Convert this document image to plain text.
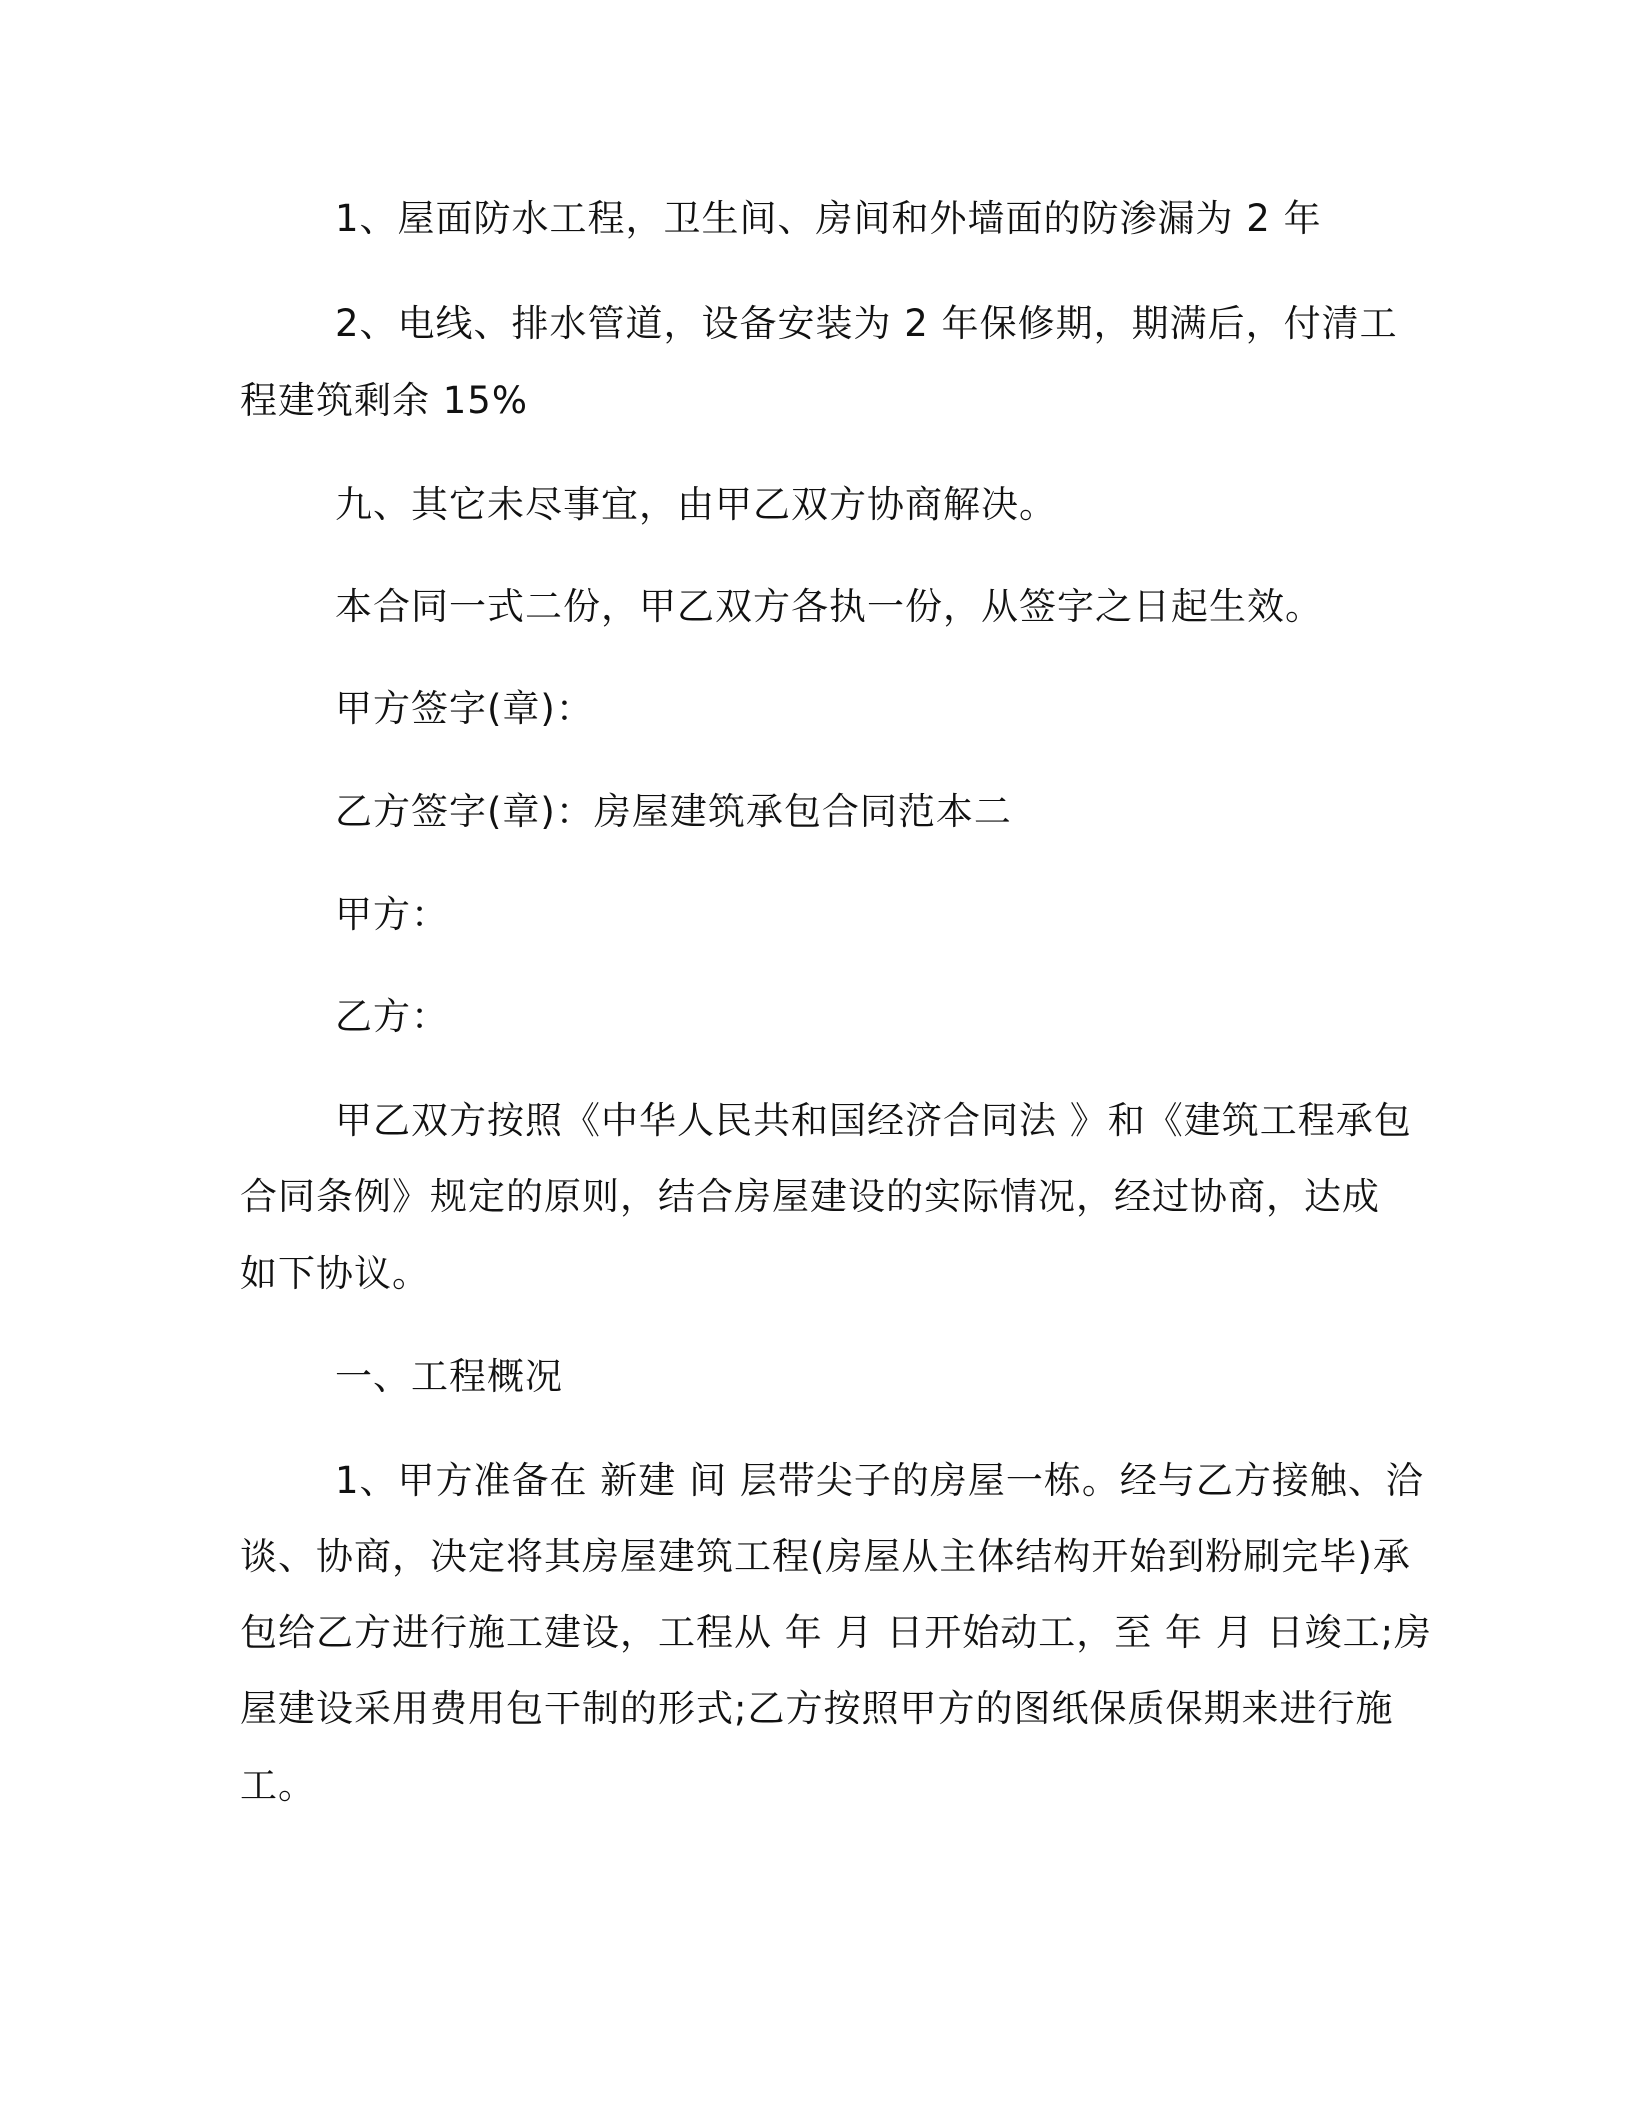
1、屋面防水工程，卫生间、房间和外墙面的防渗漏为 2 年
2、电线、排水管道，设备安装为 2 年保修期，期满后，付清工
程建筑剩余 15%
九、其它未尽事宜，由甲乙双方协商解决。
本合同一式二份，甲乙双方各执一份，从签字之日起生效。
甲方签字(章)：
乙方签字(章)：房屋建筑承包合同范本二
甲方：
乙方：
甲乙双方按照《中华人民共和国经济合同法 》和《建筑工程承包
合同条例》规定的原则，结合房屋建设的实际情况，经过协商，达成
如下协议。
一、工程概况
1、甲方准备在 新建 间 层带尖子的房屋一栋。经与乙方接触、洽
谈、协商，决定将其房屋建筑工程(房屋从主体结构开始到粉刷完毕)承
包给乙方进行施工建设，工程从 年 月 日开始动工，至 年 月 日竣工;房
屋建设采用费用包干制的形式;乙方按照甲方的图纸保质保期来进行施
工。
